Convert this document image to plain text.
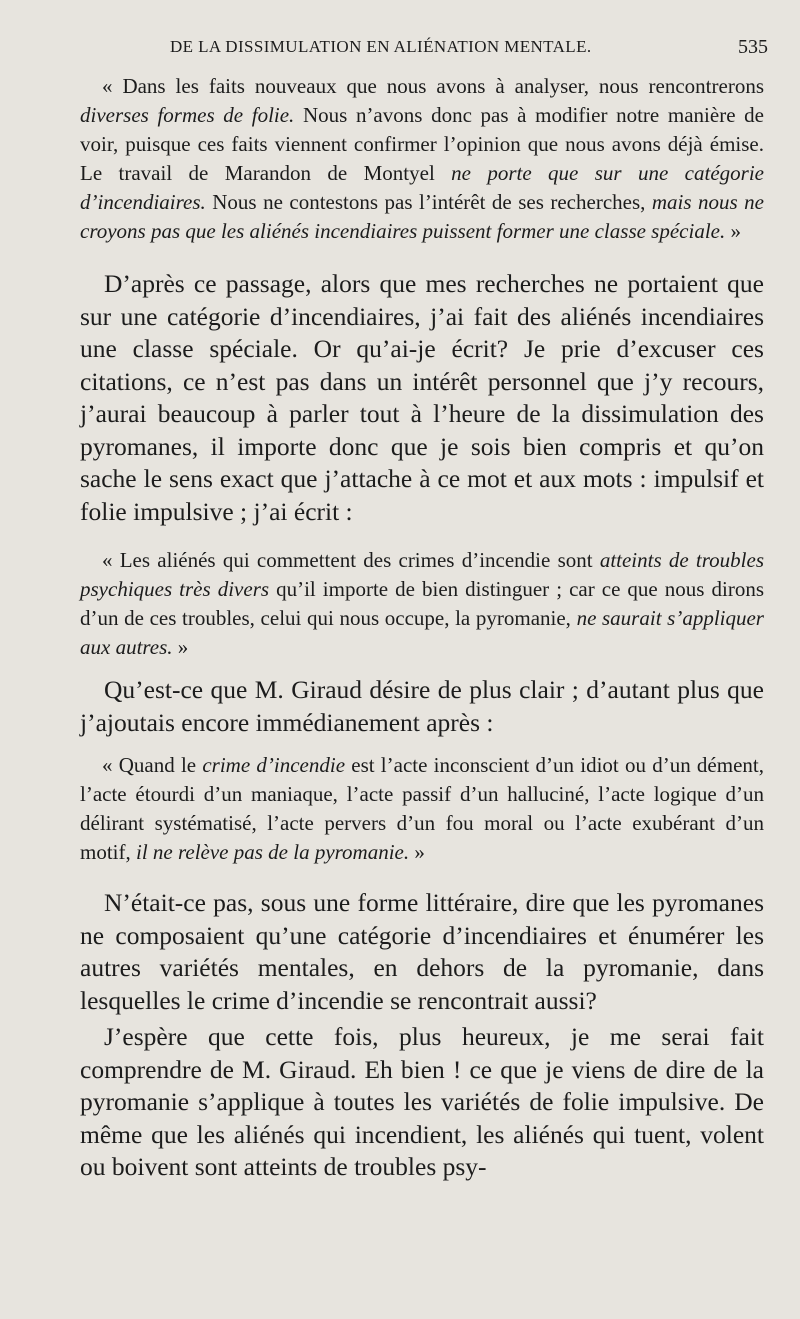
DE LA DISSIMULATION EN ALIÉNATION MENTALE.	535

« Dans les faits nouveaux que nous avons à analyser, nous rencontrerons diverses formes de folie. Nous n’avons donc pas à modifier notre manière de voir, puisque ces faits viennent confirmer l’opinion que nous avons déjà émise. Le travail de Marandon de Montyel ne porte que sur une catégorie d’incendiaires. Nous ne contestons pas l’intérêt de ses recherches, mais nous ne croyons pas que les aliénés incendiaires puissent former une classe spéciale. »

D’après ce passage, alors que mes recherches ne portaient que sur une catégorie d’incendiaires, j’ai fait des aliénés incendiaires une classe spéciale. Or qu’ai-je écrit? Je prie d’excuser ces citations, ce n’est pas dans un intérêt personnel que j’y recours, j’aurai beaucoup à parler tout à l’heure de la dissimulation des pyromanes, il importe donc que je sois bien compris et qu’on sache le sens exact que j’attache à ce mot et aux mots : impulsif et folie impulsive ; j’ai écrit :

« Les aliénés qui commettent des crimes d’incendie sont atteints de troubles psychiques très divers qu’il importe de bien distinguer ; car ce que nous dirons d’un de ces troubles, celui qui nous occupe, la pyromanie, ne saurait s’appliquer aux autres. »

Qu’est-ce que M. Giraud désire de plus clair ; d’autant plus que j’ajoutais encore immédianement après :

« Quand le crime d’incendie est l’acte inconscient d’un idiot ou d’un dément, l’acte étourdi d’un maniaque, l’acte passif d’un halluciné, l’acte logique d’un délirant systématisé, l’acte pervers d’un fou moral ou l’acte exubérant d’un motif, il ne relève pas de la pyromanie. »

N’était-ce pas, sous une forme littéraire, dire que les pyromanes ne composaient qu’une catégorie d’incendiaires et énumérer les autres variétés mentales, en dehors de la pyromanie, dans lesquelles le crime d’incendie se rencontrait aussi?

J’espère que cette fois, plus heureux, je me serai fait comprendre de M. Giraud. Eh bien ! ce que je viens de dire de la pyromanie s’applique à toutes les variétés de folie impulsive. De même que les aliénés qui incendient, les aliénés qui tuent, volent ou boivent sont atteints de troubles psy-
